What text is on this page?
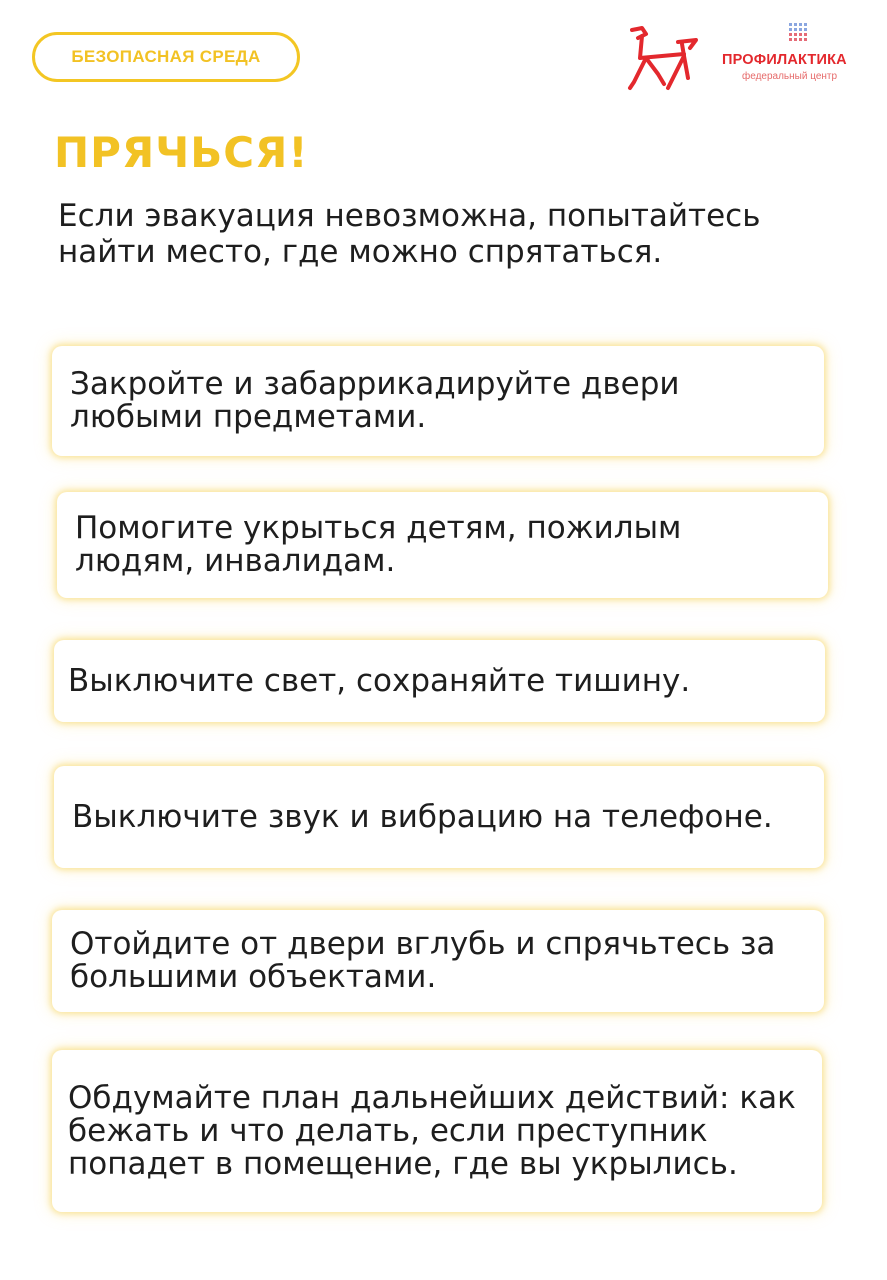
БЕЗОПАСНАЯ СРЕДА	ПРОФИЛАКТИКА
федеральный центр
ПРЯЧЬСЯ!
Если эвакуация невозможна, попытайтесь найти место, где можно спрятаться.
Закройте и забаррикадируйте двери любыми предметами.
Помогите укрыться детям, пожилым людям, инвалидам.
Выключите свет, сохраняйте тишину.
Выключите звук и вибрацию на телефоне.
Отойдите от двери вглубь и спрячьтесь за большими объектами.
Обдумайте план дальнейших действий: как бежать и что делать, если преступник попадет в помещение, где вы укрылись.
